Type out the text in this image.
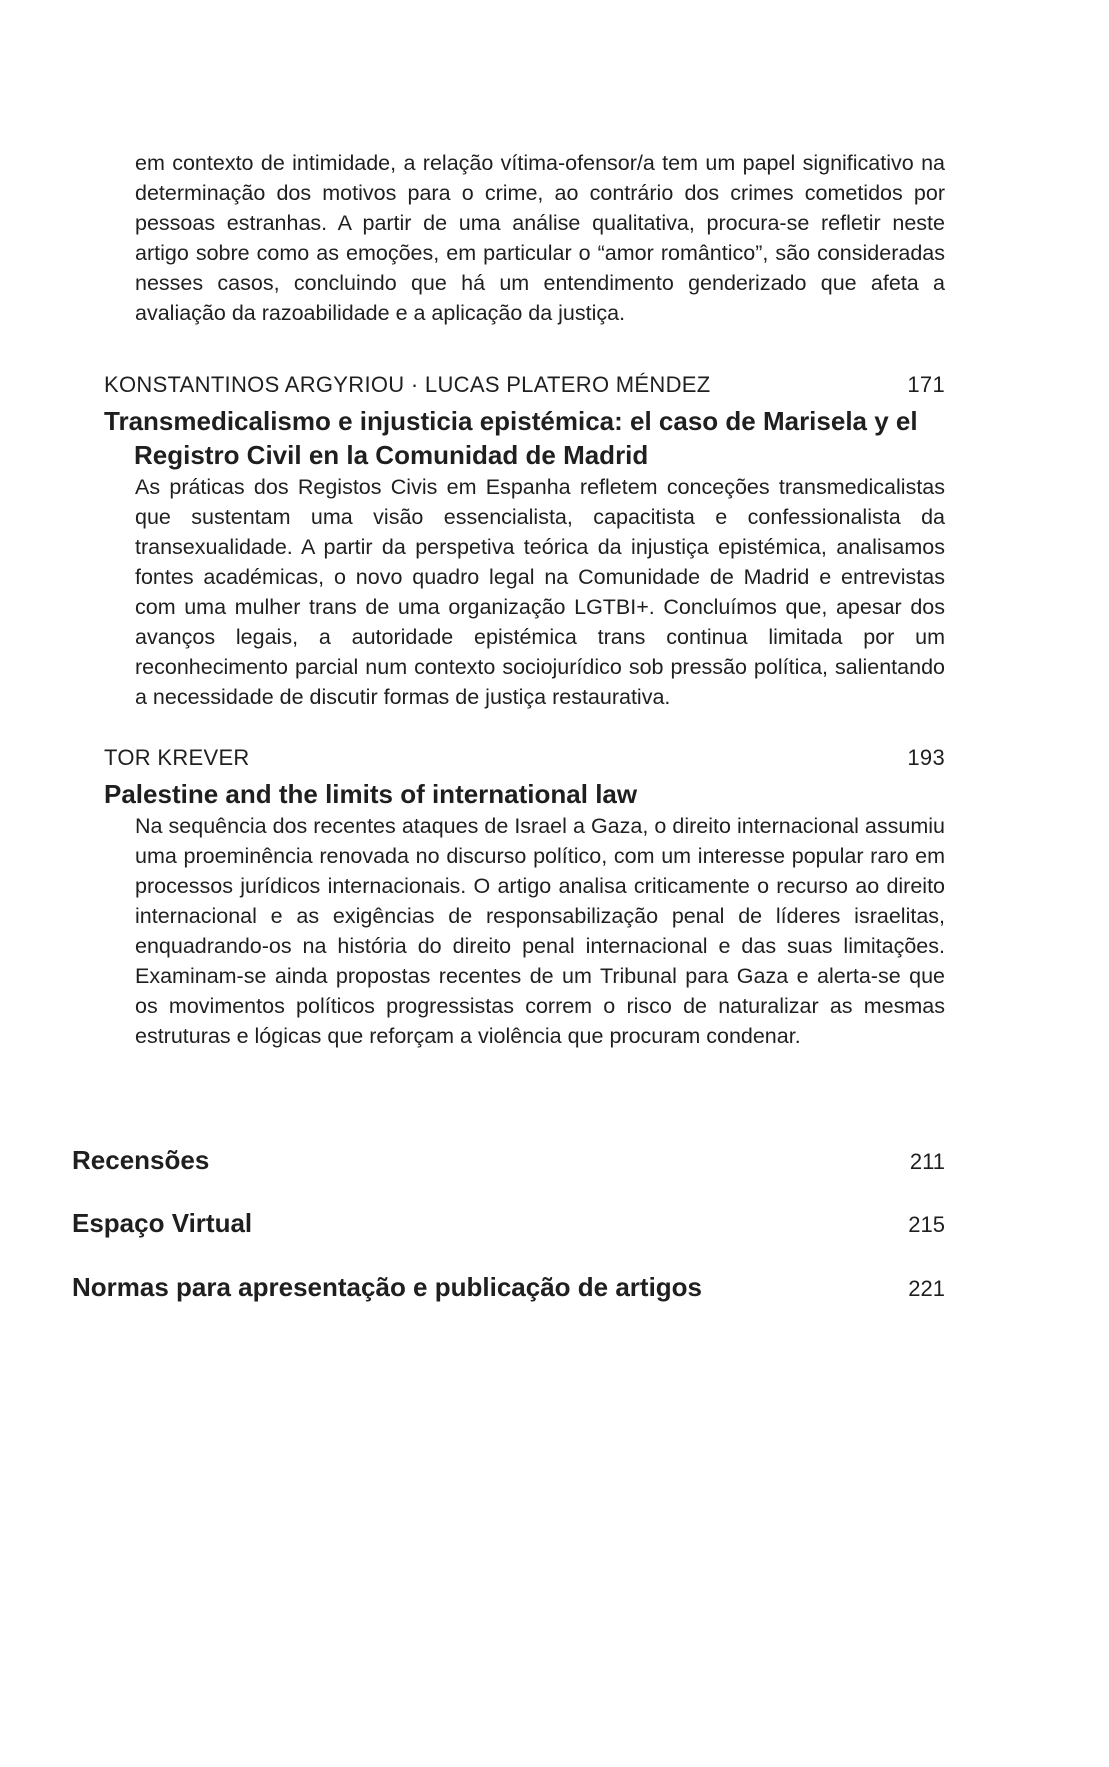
em contexto de intimidade, a relação vítima-ofensor/a tem um papel significativo na determinação dos motivos para o crime, ao contrário dos crimes cometidos por pessoas estranhas. A partir de uma análise qualitativa, procura-se refletir neste artigo sobre como as emoções, em particular o “amor romântico”, são consideradas nesses casos, concluindo que há um entendimento genderizado que afeta a avaliação da razoabilidade e a aplicação da justiça.

KONSTANTINOS ARGYRIOU · LUCAS PLATERO MÉNDEZ	171
Transmedicalismo e injusticia epistémica: el caso de Marisela y el Registro Civil en la Comunidad de Madrid

As práticas dos Registos Civis em Espanha refletem conceções transmedicalistas que sustentam uma visão essencialista, capacitista e confessionalista da transexualidade. A partir da perspetiva teórica da injustiça epistémica, analisamos fontes académicas, o novo quadro legal na Comunidade de Madrid e entrevistas com uma mulher trans de uma organização LGTBI+. Concluímos que, apesar dos avanços legais, a autoridade epistémica trans continua limitada por um reconhecimento parcial num contexto sociojurídico sob pressão política, salientando a necessidade de discutir formas de justiça restaurativa.

TOR KREVER	193
Palestine and the limits of international law

Na sequência dos recentes ataques de Israel a Gaza, o direito internacional assumiu uma proeminência renovada no discurso político, com um interesse popular raro em processos jurídicos internacionais. O artigo analisa criticamente o recurso ao direito internacional e as exigências de responsabilização penal de líderes israelitas, enquadrando-os na história do direito penal internacional e das suas limitações. Examinam-se ainda propostas recentes de um Tribunal para Gaza e alerta-se que os movimentos políticos progressistas correm o risco de naturalizar as mesmas estruturas e lógicas que reforçam a violência que procuram condenar.

Recensões	211
Espaço Virtual	215
Normas para apresentação e publicação de artigos	221
